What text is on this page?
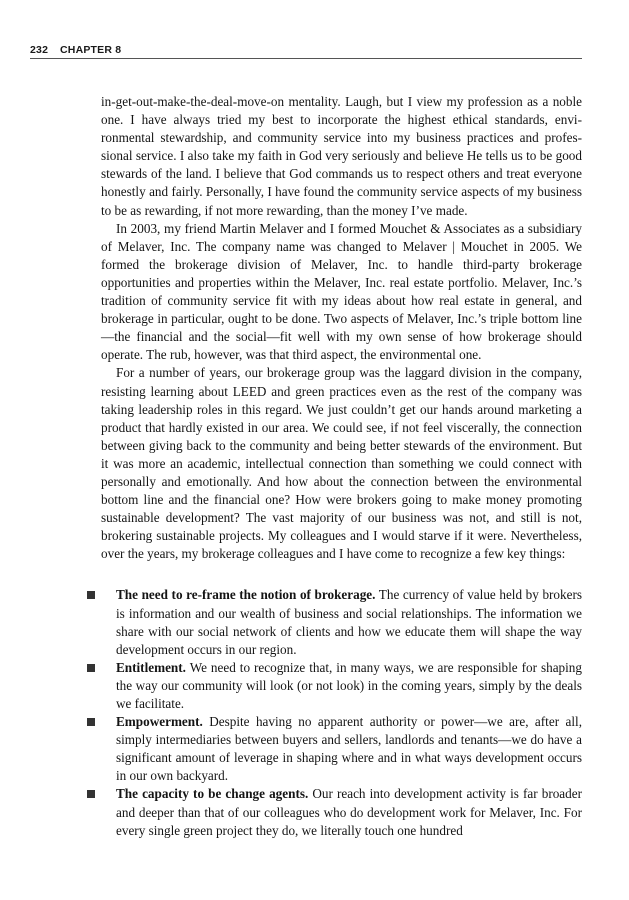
232 CHAPTER 8

in-get-out-make-the-deal-move-on mentality. Laugh, but I view my profession as a noble one. I have always tried my best to incorporate the highest ethical standards, environmental stewardship, and community service into my business practices and professional service. I also take my faith in God very seriously and believe He tells us to be good stewards of the land. I believe that God commands us to respect others and treat everyone honestly and fairly. Personally, I have found the community service aspects of my business to be as rewarding, if not more rewarding, than the money I’ve made.

In 2003, my friend Martin Melaver and I formed Mouchet & Associates as a subsidiary of Melaver, Inc. The company name was changed to Melaver | Mouchet in 2005. We formed the brokerage division of Melaver, Inc. to handle third-party brokerage opportunities and properties within the Melaver, Inc. real estate portfolio. Melaver, Inc.’s tradition of community service fit with my ideas about how real estate in general, and brokerage in particular, ought to be done. Two aspects of Melaver, Inc.’s triple bottom line—the financial and the social—fit well with my own sense of how brokerage should operate. The rub, however, was that third aspect, the environmental one.

For a number of years, our brokerage group was the laggard division in the company, resisting learning about LEED and green practices even as the rest of the company was taking leadership roles in this regard. We just couldn’t get our hands around marketing a product that hardly existed in our area. We could see, if not feel viscerally, the connection between giving back to the community and being better stewards of the environment. But it was more an academic, intellectual connection than something we could connect with personally and emotionally. And how about the connection between the environmental bottom line and the financial one? How were brokers going to make money promoting sustainable development? The vast majority of our business was not, and still is not, brokering sustainable projects. My colleagues and I would starve if it were. Nevertheless, over the years, my brokerage colleagues and I have come to recognize a few key things:

The need to re-frame the notion of brokerage. The currency of value held by brokers is information and our wealth of business and social relationships. The information we share with our social network of clients and how we educate them will shape the way development occurs in our region.
Entitlement. We need to recognize that, in many ways, we are responsible for shaping the way our community will look (or not look) in the coming years, simply by the deals we facilitate.
Empowerment. Despite having no apparent authority or power—we are, after all, simply intermediaries between buyers and sellers, landlords and tenants—we do have a significant amount of leverage in shaping where and in what ways development occurs in our own backyard.
The capacity to be change agents. Our reach into development activity is far broader and deeper than that of our colleagues who do development work for Melaver, Inc. For every single green project they do, we literally touch one hundred
